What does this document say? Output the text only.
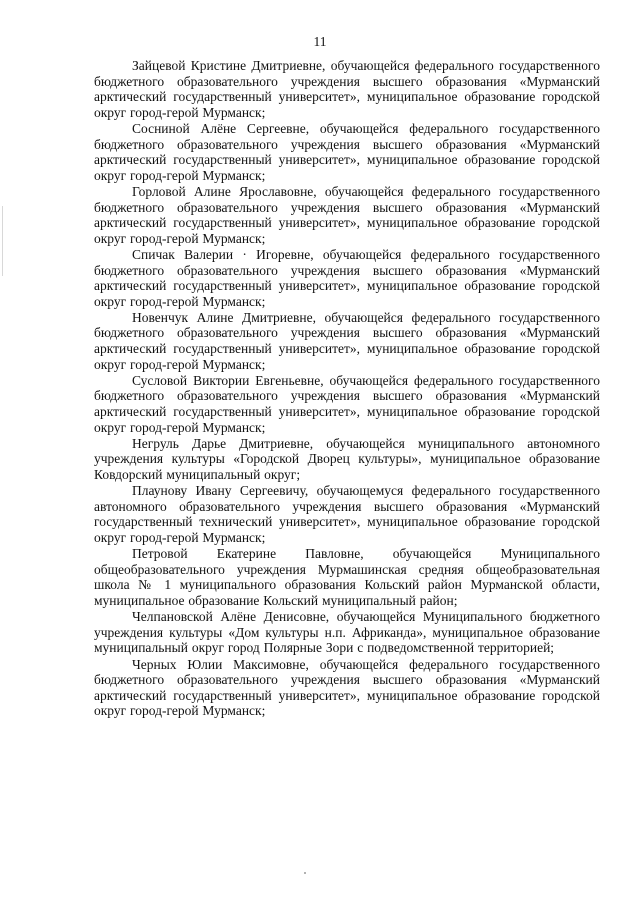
11

Зайцевой Кристине Дмитриевне, обучающейся федерального государственного бюджетного образовательного учреждения высшего образования «Мурманский арктический государственный университет», муниципальное образование городской округ город-герой Мурманск;

Сосниной Алёне Сергеевне, обучающейся федерального государственного бюджетного образовательного учреждения высшего образования «Мурманский арктический государственный университет», муниципальное образование городской округ город-герой Мурманск;

Горловой Алине Ярославовне, обучающейся федерального государственного бюджетного образовательного учреждения высшего образования «Мурманский арктический государственный университет», муниципальное образование городской округ город-герой Мурманск;

Спичак Валерии · Игоревне, обучающейся федерального государственного бюджетного образовательного учреждения высшего образования «Мурманский арктический государственный университет», муниципальное образование городской округ город-герой Мурманск;

Новенчук Алине Дмитриевне, обучающейся федерального государственного бюджетного образовательного учреждения высшего образования «Мурманский арктический государственный университет», муниципальное образование городской округ город-герой Мурманск;

Сусловой Виктории Евгеньевне, обучающейся федерального государственного бюджетного образовательного учреждения высшего образования «Мурманский арктический государственный университет», муниципальное образование городской округ город-герой Мурманск;

Негруль Дарье Дмитриевне, обучающейся муниципального автономного учреждения культуры «Городской Дворец культуры», муниципальное образование Ковдорский муниципальный округ;

Плаунову Ивану Сергеевичу, обучающемуся федерального государственного автономного образовательного учреждения высшего образования «Мурманский государственный технический университет», муниципальное образование городской округ город-герой Мурманск;

Петровой Екатерине Павловне, обучающейся Муниципального общеобразовательного учреждения Мурмашинская средняя общеобразовательная школа № 1 муниципального образования Кольский район Мурманской области, муниципальное образование Кольский муниципальный район;

Челпановской Алёне Денисовне, обучающейся Муниципального бюджетного учреждения культуры «Дом культуры н.п. Африканда», муниципальное образование муниципальный округ город Полярные Зори с подведомственной территорией;

Черных Юлии Максимовне, обучающейся федерального государственного бюджетного образовательного учреждения высшего образования «Мурманский арктический государственный университет», муниципальное образование городской округ город-герой Мурманск;
